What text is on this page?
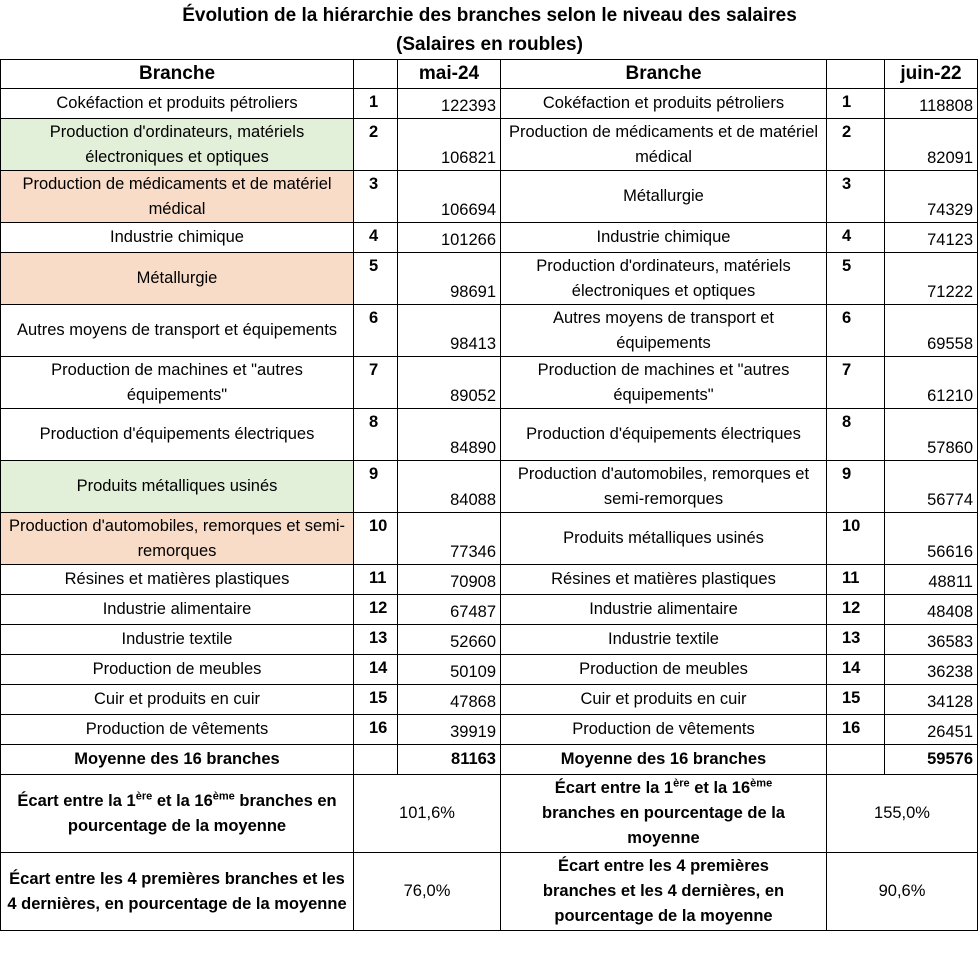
Évolution de la hiérarchie des branches selon le niveau des salaires
(Salaires en roubles)
Branche		mai-24	Branche		juin-22
Cokéfaction et produits pétroliers	1	122393	Cokéfaction et produits pétroliers	1	118808
Production d'ordinateurs, matériels électroniques et optiques	2	106821	Production de médicaments et de matériel médical	2	82091
Production de médicaments et de matériel médical	3	106694	Métallurgie	3	74329
Industrie chimique	4	101266	Industrie chimique	4	74123
Métallurgie	5	98691	Production d'ordinateurs, matériels électroniques et optiques	5	71222
Autres moyens de transport et équipements	6	98413	Autres moyens de transport et équipements	6	69558
Production de machines et "autres équipements"	7	89052	Production de machines et "autres équipements"	7	61210
Production d'équipements électriques	8	84890	Production d'équipements électriques	8	57860
Produits métalliques usinés	9	84088	Production d'automobiles, remorques et semi-remorques	9	56774
Production d'automobiles, remorques et semi-remorques	10	77346	Produits métalliques usinés	10	56616
Résines et matières plastiques	11	70908	Résines et matières plastiques	11	48811
Industrie alimentaire	12	67487	Industrie alimentaire	12	48408
Industrie textile	13	52660	Industrie textile	13	36583
Production de meubles	14	50109	Production de meubles	14	36238
Cuir et produits en cuir	15	47868	Cuir et produits en cuir	15	34128
Production de vêtements	16	39919	Production de vêtements	16	26451
Moyenne des 16 branches		81163	Moyenne des 16 branches		59576
Écart entre la 1ère et la 16ème branches en pourcentage de la moyenne	101,6%		Écart entre la 1ère et la 16ème branches en pourcentage de la moyenne	155,0%	
Écart entre les 4 premières branches et les 4 dernières, en pourcentage de la moyenne	76,0%		Écart entre les 4 premières branches et les 4 dernières, en pourcentage de la moyenne	90,6%	
